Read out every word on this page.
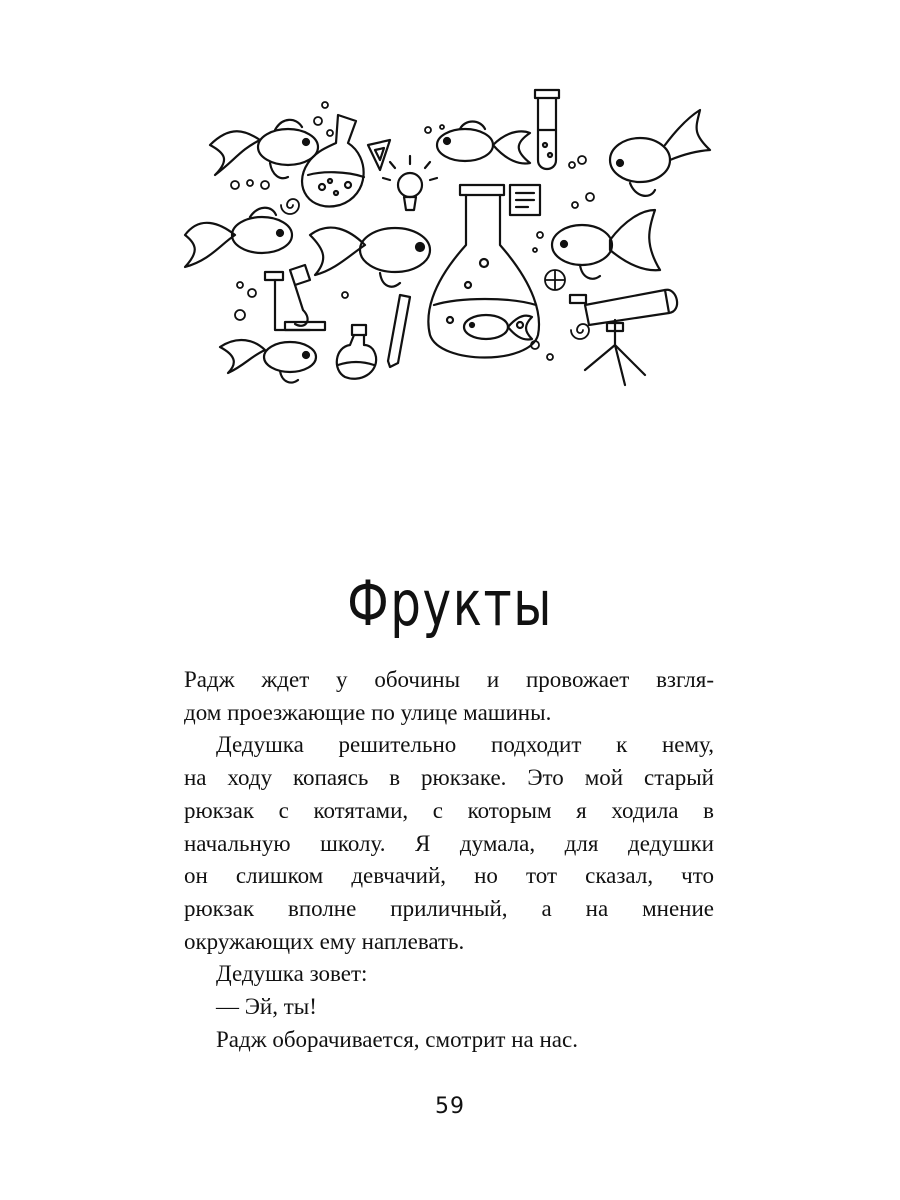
Фрукты
Радж ждет у обочины и провожает взгля-
дом проезжающие по улице машины.
Дедушка решительно подходит к нему,
на ходу копаясь в рюкзаке. Это мой старый
рюкзак с котятами, с которым я ходила в
начальную школу. Я думала, для дедушки
он слишком девчачий, но тот сказал, что
рюкзак вполне приличный, а на мнение
окружающих ему наплевать.
Дедушка зовет:
— Эй, ты!
Радж оборачивается, смотрит на нас.
59
